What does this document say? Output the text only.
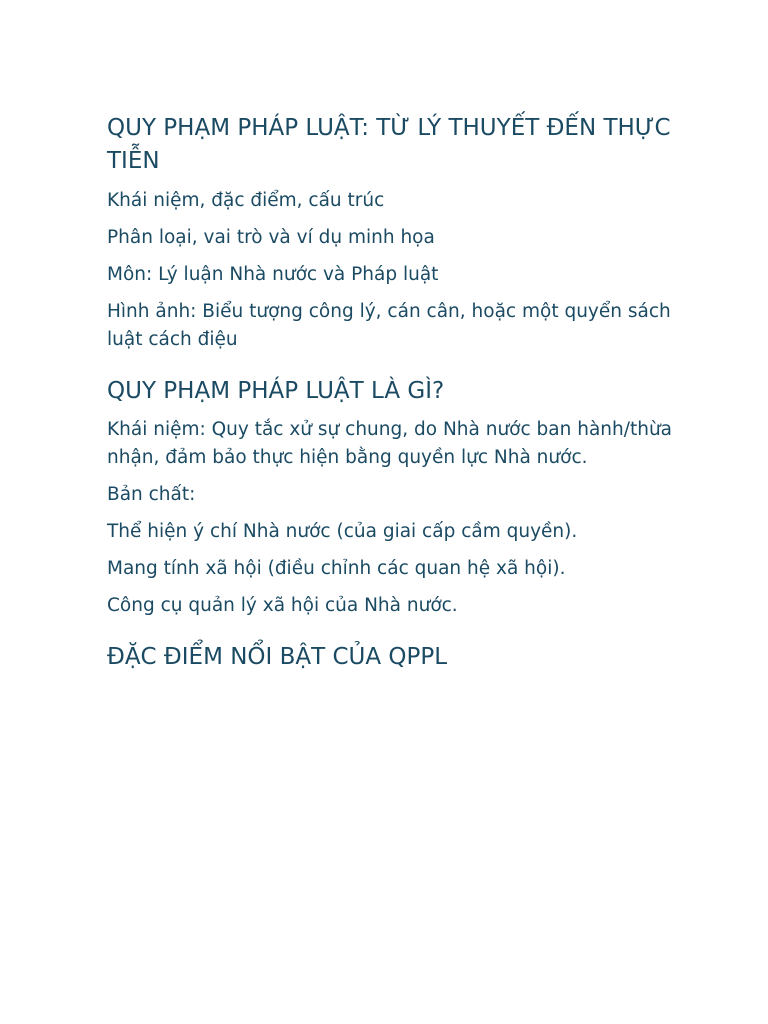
QUY PHẠM PHÁP LUẬT: TỪ LÝ THUYẾT ĐẾN THỰC TIỄN

Khái niệm, đặc điểm, cấu trúc

Phân loại, vai trò và ví dụ minh họa

Môn: Lý luận Nhà nước và Pháp luật

Hình ảnh: Biểu tượng công lý, cán cân, hoặc một quyển sách luật cách điệu

QUY PHẠM PHÁP LUẬT LÀ GÌ?

Khái niệm: Quy tắc xử sự chung, do Nhà nước ban hành/thừa nhận, đảm bảo thực hiện bằng quyền lực Nhà nước.

Bản chất:

Thể hiện ý chí Nhà nước (của giai cấp cầm quyền).

Mang tính xã hội (điều chỉnh các quan hệ xã hội).

Công cụ quản lý xã hội của Nhà nước.

ĐẶC ĐIỂM NỔI BẬT CỦA QPPL
